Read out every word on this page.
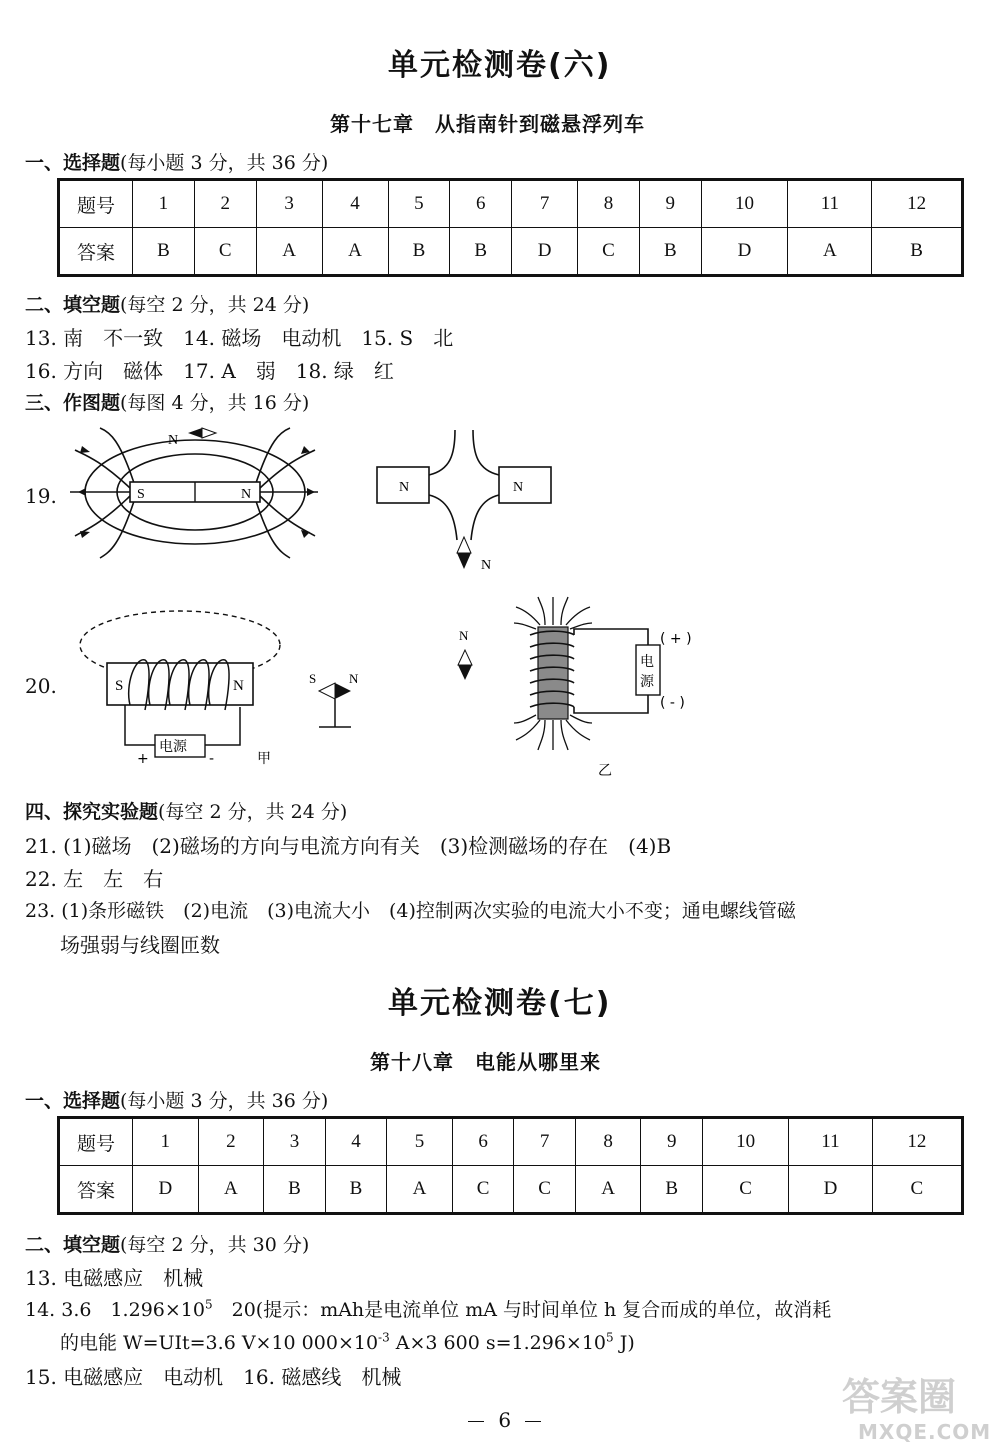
单元检测卷(六)
第十七章　从指南针到磁悬浮列车
一、选择题(每小题 3 分，共 36 分)
题号	1	2	3	4	5	6	7	8	9	10	11	12
答案	B	C	A	A	B	B	D	C	B	D	A	B
二、填空题(每空 2 分，共 24 分)
13. 南　不一致　14. 磁场　电动机　15. S　北
16. 方向　磁体　17. A　弱　18. 绿　红
三、作图题(每图 4 分，共 16 分)
19.
20.
S	N
N
N	N
N
电源
S	N
+	-	甲
S	N
N
电
源
( + )
( - )
乙
四、探究实验题(每空 2 分，共 24 分)
21. (1)磁场　(2)磁场的方向与电流方向有关　(3)检测磁场的存在　(4)B
22. 左　左　右
23. (1)条形磁铁　(2)电流　(3)电流大小　(4)控制两次实验的电流大小不变；通电螺线管磁
场强弱与线圈匝数
单元检测卷(七)
第十八章　电能从哪里来
一、选择题(每小题 3 分，共 36 分)
题号	1	2	3	4	5	6	7	8	9	10	11	12
答案	D	A	B	B	A	C	C	A	B	C	D	C
二、填空题(每空 2 分，共 30 分)
13. 电磁感应　机械
14. 3.6　$1.296\times 10^5$　20(提示：mAh是电流单位 mA 与时间单位 h 复合而成的单位，故消耗
的电能 W=UIt=3.6 V×10 $000\times 10^{-3}$ A×3 600 $s=1.296\times 10^5$ J)
15. 电磁感应　电动机　16. 磁感线　机械
6
答案圈
MXQE.COM
